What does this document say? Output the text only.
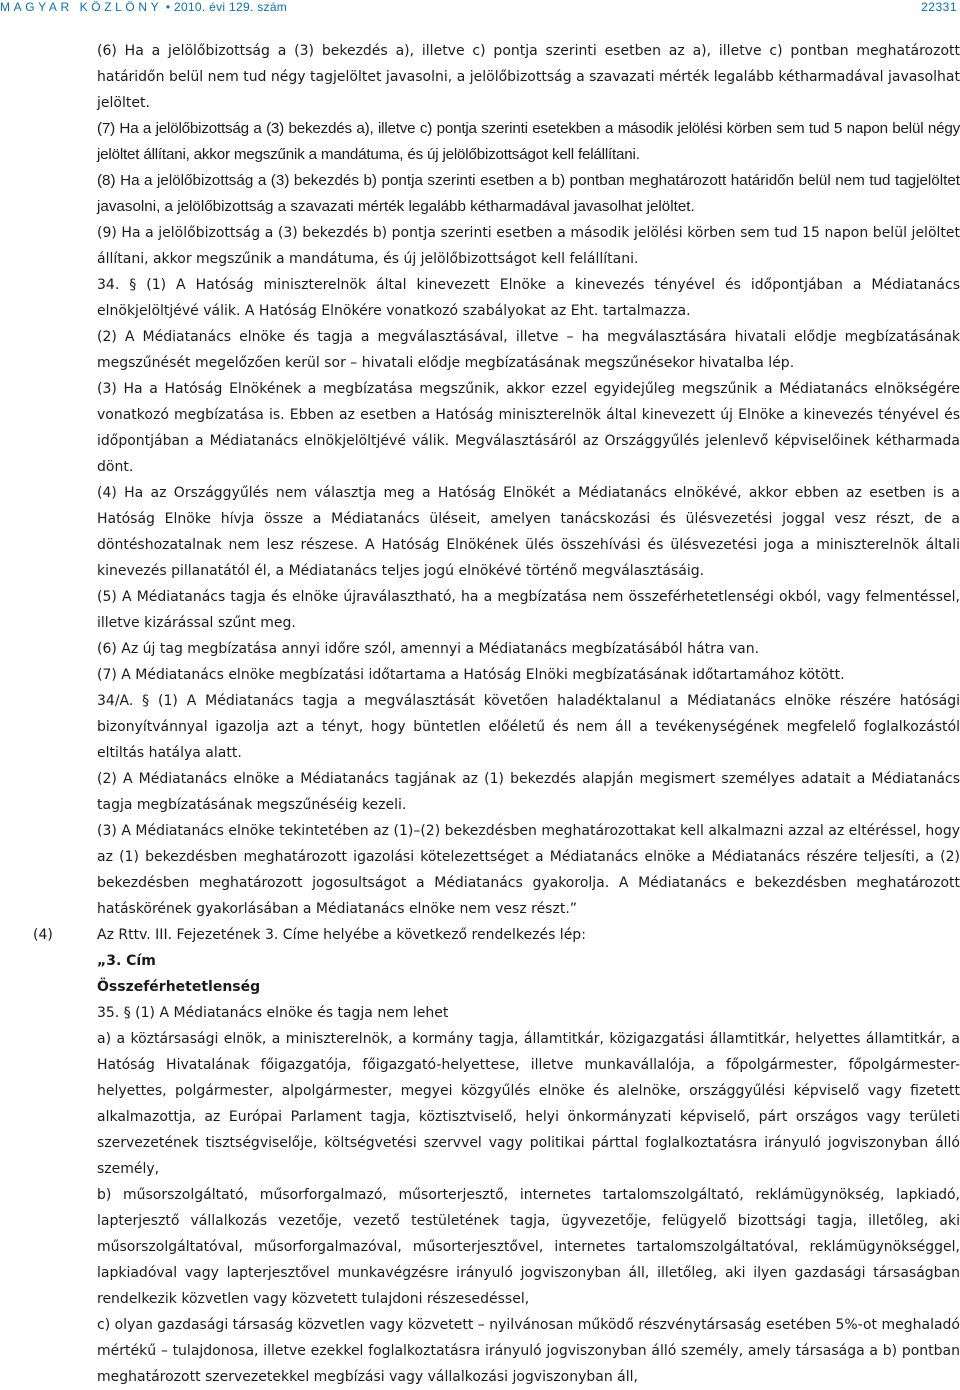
MAGYAR KÖZLÖNY • 2010. évi 129. szám	22331

(6) Ha a jelölőbizottság a (3) bekezdés a), illetve c) pontja szerinti esetben az a), illetve c) pontban meghatározott határidőn belül nem tud négy tagjelöltet javasolni, a jelölőbizottság a szavazati mérték legalább kétharmadával javasolhat jelöltet.

(7) Ha a jelölőbizottság a (3) bekezdés a), illetve c) pontja szerinti esetekben a második jelölési körben sem tud 5 napon belül négy jelöltet állítani, akkor megszűnik a mandátuma, és új jelölőbizottságot kell felállítani.

(8) Ha a jelölőbizottság a (3) bekezdés b) pontja szerinti esetben a b) pontban meghatározott határidőn belül nem tud tagjelöltet javasolni, a jelölőbizottság a szavazati mérték legalább kétharmadával javasolhat jelöltet.

(9) Ha a jelölőbizottság a (3) bekezdés b) pontja szerinti esetben a második jelölési körben sem tud 15 napon belül jelöltet állítani, akkor megszűnik a mandátuma, és új jelölőbizottságot kell felállítani.

34. § (1) A Hatóság miniszterelnök által kinevezett Elnöke a kinevezés tényével és időpontjában a Médiatanács elnökjelöltjévé válik. A Hatóság Elnökére vonatkozó szabályokat az Eht. tartalmazza.

(2) A Médiatanács elnöke és tagja a megválasztásával, illetve – ha megválasztására hivatali elődje megbízatásának megszűnését megelőzően kerül sor – hivatali elődje megbízatásának megszűnésekor hivatalba lép.

(3) Ha a Hatóság Elnökének a megbízatása megszűnik, akkor ezzel egyidejűleg megszűnik a Médiatanács elnökségére vonatkozó megbízatása is. Ebben az esetben a Hatóság miniszterelnök által kinevezett új Elnöke a kinevezés tényével és időpontjában a Médiatanács elnökjelöltjévé válik. Megválasztásáról az Országgyűlés jelenlevő képviselőinek kétharmada dönt.

(4) Ha az Országgyűlés nem választja meg a Hatóság Elnökét a Médiatanács elnökévé, akkor ebben az esetben is a Hatóság Elnöke hívja össze a Médiatanács üléseit, amelyen tanácskozási és ülésvezetési joggal vesz részt, de a döntéshozatalnak nem lesz részese. A Hatóság Elnökének ülés összehívási és ülésvezetési joga a miniszterelnök általi kinevezés pillanatától él, a Médiatanács teljes jogú elnökévé történő megválasztásáig.

(5) A Médiatanács tagja és elnöke újraválasztható, ha a megbízatása nem összeférhetetlenségi okból, vagy felmentéssel, illetve kizárással szűnt meg.

(6) Az új tag megbízatása annyi időre szól, amennyi a Médiatanács megbízatásából hátra van.

(7) A Médiatanács elnöke megbízatási időtartama a Hatóság Elnöki megbízatásának időtartamához kötött.

34/A. § (1) A Médiatanács tagja a megválasztását követően haladéktalanul a Médiatanács elnöke részére hatósági bizonyítvánnyal igazolja azt a tényt, hogy büntetlen előéletű és nem áll a tevékenységének megfelelő foglalkozástól eltiltás hatálya alatt.

(2) A Médiatanács elnöke a Médiatanács tagjának az (1) bekezdés alapján megismert személyes adatait a Médiatanács tagja megbízatásának megszűnéséig kezeli.

(3) A Médiatanács elnöke tekintetében az (1)–(2) bekezdésben meghatározottakat kell alkalmazni azzal az eltéréssel, hogy az (1) bekezdésben meghatározott igazolási kötelezettséget a Médiatanács elnöke a Médiatanács részére teljesíti, a (2) bekezdésben meghatározott jogosultságot a Médiatanács gyakorolja. A Médiatanács e bekezdésben meghatározott hatáskörének gyakorlásában a Médiatanács elnöke nem vesz részt.”

(4)	Az Rttv. III. Fejezetének 3. Címe helyébe a következő rendelkezés lép:

„3. Cím

Összeférhetetlenség

35. § (1) A Médiatanács elnöke és tagja nem lehet

a) a köztársasági elnök, a miniszterelnök, a kormány tagja, államtitkár, közigazgatási államtitkár, helyettes államtitkár, a Hatóság Hivatalának főigazgatója, főigazgató-helyettese, illetve munkavállalója, a főpolgármester, főpolgármester-helyettes, polgármester, alpolgármester, megyei közgyűlés elnöke és alelnöke, országgyűlési képviselő vagy fizetett alkalmazottja, az Európai Parlament tagja, köztisztviselő, helyi önkormányzati képviselő, párt országos vagy területi szervezetének tisztségviselője, költségvetési szervvel vagy politikai párttal foglalkoztatásra irányuló jogviszonyban álló személy,

b) műsorszolgáltató, műsorforgalmazó, műsorterjesztő, internetes tartalomszolgáltató, reklámügynökség, lapkiadó, lapterjesztő vállalkozás vezetője, vezető testületének tagja, ügyvezetője, felügyelő bizottsági tagja, illetőleg, aki műsorszolgáltatóval, műsorforgalmazóval, műsorterjesztővel, internetes tartalomszolgáltatóval, reklámügynökséggel, lapkiadóval vagy lapterjesztővel munkavégzésre irányuló jogviszonyban áll, illetőleg, aki ilyen gazdasági társaságban rendelkezik közvetlen vagy közvetett tulajdoni részesedéssel,

c) olyan gazdasági társaság közvetlen vagy közvetett – nyilvánosan működő részvénytársaság esetében 5%-ot meghaladó mértékű – tulajdonosa, illetve ezekkel foglalkoztatásra irányuló jogviszonyban álló személy, amely társasága a b) pontban meghatározott szervezetekkel megbízási vagy vállalkozási jogviszonyban áll,
